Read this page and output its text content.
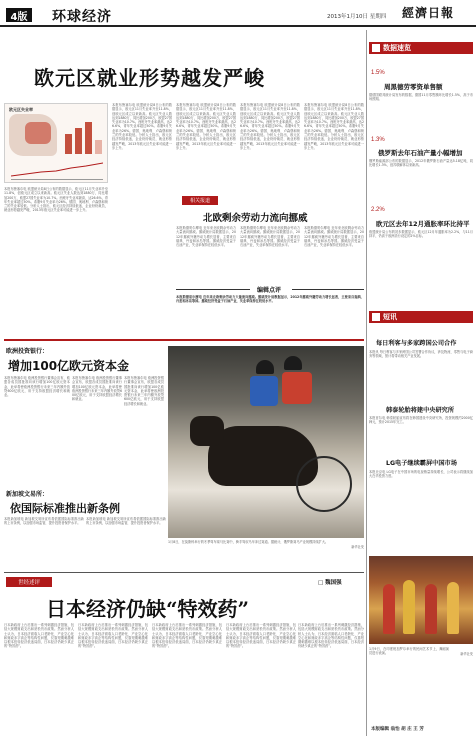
4版	环球经济	2013年1月10日 星期四 經濟日報
欧元区就业形势越发严峻
欧元区失业率
本报布鲁塞尔电 欧盟统计局8日公布的数据显示，欧元区11月失业率升至11.8%，创欧元区成立以来新高。欧元区失业人数达到1880万，同比增加200万，欧盟27国失业率为10.7%。西班牙失业率最高，达26.6%，青年失业率超过50%。希腊9月失业率为26%。德国、奥地利、卢森堡和荷兰的失业率较低。分析人士指出，欧元区经济持续低迷，企业纷纷裁员，就业形势越发严峻，2013年欧元区失业率可能进一步上升。
本报布鲁塞尔电 欧盟统计局8日公布的数据显示，欧元区11月失业率升至11.8%，创欧元区成立以来新高。欧元区失业人数达到1880万，同比增加200万，欧盟27国失业率为10.7%。西班牙失业率最高，达26.6%，青年失业率超过50%。希腊9月失业率为26%。德国、奥地利、卢森堡和荷兰的失业率较低。分析人士指出，欧元区经济持续低迷，企业纷纷裁员，就业形势越发严峻，2013年欧元区失业率可能进一步上升。
本报布鲁塞尔电 欧盟统计局8日公布的数据显示，欧元区11月失业率升至11.8%，创欧元区成立以来新高。欧元区失业人数达到1880万，同比增加200万，欧盟27国失业率为10.7%。西班牙失业率最高，达26.6%，青年失业率超过50%。希腊9月失业率为26%。德国、奥地利、卢森堡和荷兰的失业率较低。分析人士指出，欧元区经济持续低迷，企业纷纷裁员，就业形势越发严峻，2013年欧元区失业率可能进一步上升。
本报布鲁塞尔电 欧盟统计局8日公布的数据显示，欧元区11月失业率升至11.8%，创欧元区成立以来新高。欧元区失业人数达到1880万，同比增加200万，欧盟27国失业率为10.7%。西班牙失业率最高，达26.6%，青年失业率超过50%。希腊9月失业率为26%。德国、奥地利、卢森堡和荷兰的失业率较低。分析人士指出，欧元区经济持续低迷，企业纷纷裁员，就业形势越发严峻，2013年欧元区失业率可能进一步上升。
本报布鲁塞尔电 欧盟统计局8日公布的数据显示，欧元区11月失业率升至11.8%，创欧元区成立以来新高。欧元区失业人数达到1880万，同比增加200万，欧盟27国失业率为10.7%。西班牙失业率最高，达26.6%，青年失业率超过50%。希腊9月失业率为26%。德国、奥地利、卢森堡和荷兰的失业率较低。分析人士指出，欧元区经济持续低迷，企业纷纷裁员，就业形势越发严峻，2013年欧元区失业率可能进一步上升。
相关报道
北欧剩余劳动力流向挪威
本报斯德哥尔摩电 近年来北欧剩余劳动力大量流向挪威。挪威统计局数据显示，2012年挪威外籍劳动力增长显著，主要来自瑞典、丹麦和冰岛等国。挪威经济受益于石油产业，失业率保持在较低水平。
本报斯德哥尔摩电 近年来北欧剩余劳动力大量流向挪威。挪威统计局数据显示，2012年挪威外籍劳动力增长显著，主要来自瑞典、丹麦和冰岛等国。挪威经济受益于石油产业，失业率保持在较低水平。
本报斯德哥尔摩电 近年来北欧剩余劳动力大量流向挪威。挪威统计局数据显示，2012年挪威外籍劳动力增长显著，主要来自瑞典、丹麦和冰岛等国。挪威经济受益于石油产业，失业率保持在较低水平。
编辑点评
本报斯德哥尔摩电 近年来北欧剩余劳动力大量流向挪威。挪威统计局数据显示，2012年挪威外籍劳动力增长显著，主要来自瑞典、丹麦和冰岛等国。挪威经济受益于石油产业，失业率保持在较低水平。
数据速览
1.5%
周黑德劳零资单售额
据德国联邦统计局发布的数据，德国11月零售额环比增长1.5%，高于市场预期。
1.3%
俄罗斯去年石油产量小幅增加
俄罗斯能源部公布的数据显示，2012年俄罗斯石油产量达5.18亿吨，同比增长1.3%，创苏联解体以来新高。
2.2%
欧元区去年12月通胀率环比持平
欧盟统计局公布的初步数据显示，欧元区12月年通胀率为2.2%，与11月持平，仍高于欧洲央行设定的2%目标。
短讯
每日利客与多家跨国公司合作
本报讯 每日利客与多家跨国公司签署合作协议，涉及物流、零售与电子商务等领域，预计将带动相关产业发展。
韩泰轮胎将建中央研究所
本报首尔电 韩泰轮胎宣布将在韩国建设中央研究所，投资规模约2000亿韩元，预计2015年完工。
LG电子继续霸屏中国市场
本报北京电 LG电子在中国市场的电视销量持续增长，公司表示将继续加大在华投资力度。
1月9日，在印度班加罗尔举行的民间艺术节上，舞蹈演员进行表演。	新华社发
本版编辑 翁怡 胡 庄 王 芳
欧洲投资银行：
增加100亿欧元资本金
本报布鲁塞尔电 欧洲投资银行董事会宣布，欧盟各成员国批准向该行增加100亿欧元资本金，此举将使欧洲投资银行未来三年内额外放贷600亿欧元，用于支持欧盟经济增长和就业。
本报布鲁塞尔电 欧洲投资银行董事会宣布，欧盟各成员国批准向该行增加100亿欧元资本金，此举将使欧洲投资银行未来三年内额外放贷600亿欧元，用于支持欧盟经济增长和就业。
本报布鲁塞尔电 欧洲投资银行董事会宣布，欧盟各成员国批准向该行增加100亿欧元资本金，此举将使欧洲投资银行未来三年内额外放贷600亿欧元，用于支持欧盟经济增长和就业。
新加坡文易所：
依国际标准推出新条例
本报新加坡电 新加坡交易所宣布将依据国际标准推出新的上市条例，以加强市场监管，提升投资者保护水平。
本报新加坡电 新加坡交易所宣布将依据国际标准推出新的上市条例，以加强市场监管，提升投资者保护水平。
1月8日，在莫斯科举行的冬季驾车赛马比赛中，骑手驾驭马车冲过赛道。据统计，俄罗斯赛马产业规模持续扩大。
新华社发
世经述评	□ 魏国强
日本经济仍缺“特效药”
日本新政府上台后推出一系列刺激经济措施，包括大规模财政支出和宽松货币政策。然而分析人士认为，日本经济面临人口老龄化、产业空心化和财政赤字高企等结构性问题，仅靠短期刺激难以根本扭转经济低迷局面，日本经济仍缺少真正的“特效药”。
日本新政府上台后推出一系列刺激经济措施，包括大规模财政支出和宽松货币政策。然而分析人士认为，日本经济面临人口老龄化、产业空心化和财政赤字高企等结构性问题，仅靠短期刺激难以根本扭转经济低迷局面，日本经济仍缺少真正的“特效药”。
日本新政府上台后推出一系列刺激经济措施，包括大规模财政支出和宽松货币政策。然而分析人士认为，日本经济面临人口老龄化、产业空心化和财政赤字高企等结构性问题，仅靠短期刺激难以根本扭转经济低迷局面，日本经济仍缺少真正的“特效药”。
日本新政府上台后推出一系列刺激经济措施，包括大规模财政支出和宽松货币政策。然而分析人士认为，日本经济面临人口老龄化、产业空心化和财政赤字高企等结构性问题，仅靠短期刺激难以根本扭转经济低迷局面，日本经济仍缺少真正的“特效药”。
日本新政府上台后推出一系列刺激经济措施，包括大规模财政支出和宽松货币政策。然而分析人士认为，日本经济面临人口老龄化、产业空心化和财政赤字高企等结构性问题，仅靠短期刺激难以根本扭转经济低迷局面，日本经济仍缺少真正的“特效药”。
